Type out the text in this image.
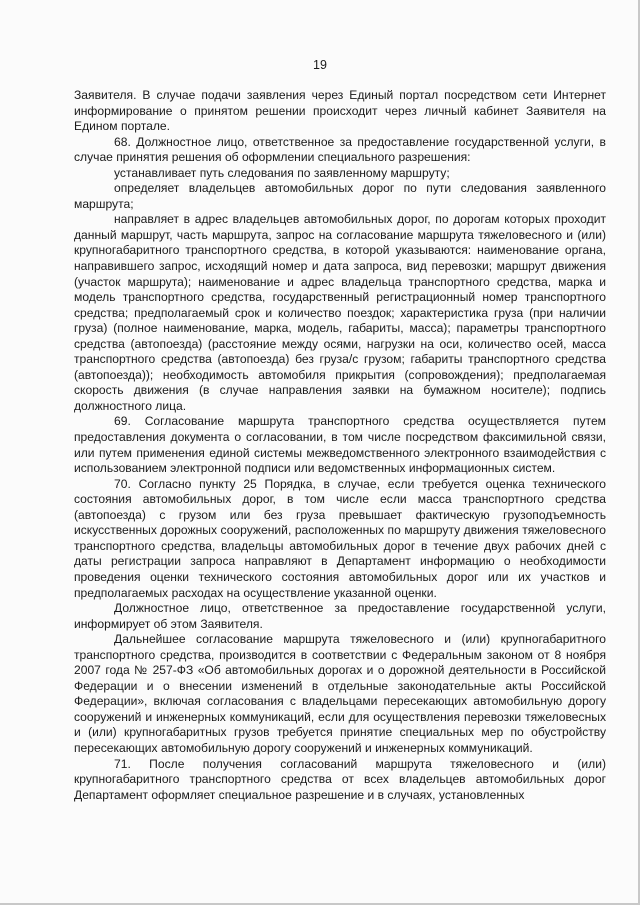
19

Заявителя. В случае подачи заявления через Единый портал посредством сети Интернет информирование о принятом решении происходит через личный кабинет Заявителя на Едином портале.

68. Должностное лицо, ответственное за предоставление государственной услуги, в случае принятия решения об оформлении специального разрешения:

устанавливает путь следования по заявленному маршруту;

определяет владельцев автомобильных дорог по пути следования заявленного маршрута;

направляет в адрес владельцев автомобильных дорог, по дорогам которых проходит данный маршрут, часть маршрута, запрос на согласование маршрута тяжеловесного и (или) крупногабаритного транспортного средства, в которой указываются: наименование органа, направившего запрос, исходящий номер и дата запроса, вид перевозки; маршрут движения (участок маршрута); наименование и адрес владельца транспортного средства, марка и модель транспортного средства, государственный регистрационный номер транспортного средства; предполагаемый срок и количество поездок; характеристика груза (при наличии груза) (полное наименование, марка, модель, габариты, масса); параметры транспортного средства (автопоезда) (расстояние между осями, нагрузки на оси, количество осей, масса транспортного средства (автопоезда) без груза/с грузом; габариты транспортного средства (автопоезда)); необходимость автомобиля прикрытия (сопровождения); предполагаемая скорость движения (в случае направления заявки на бумажном носителе); подпись должностного лица.

69. Согласование маршрута транспортного средства осуществляется путем предоставления документа о согласовании, в том числе посредством факсимильной связи, или путем применения единой системы межведомственного электронного взаимодействия с использованием электронной подписи или ведомственных информационных систем.

70. Согласно пункту 25 Порядка, в случае, если требуется оценка технического состояния автомобильных дорог, в том числе если масса транспортного средства (автопоезда) с грузом или без груза превышает фактическую грузоподъемность искусственных дорожных сооружений, расположенных по маршруту движения тяжеловесного транспортного средства, владельцы автомобильных дорог в течение двух рабочих дней с даты регистрации запроса направляют в Департамент информацию о необходимости проведения оценки технического состояния автомобильных дорог или их участков и предполагаемых расходах на осуществление указанной оценки.

Должностное лицо, ответственное за предоставление государственной услуги, информирует об этом Заявителя.

Дальнейшее согласование маршрута тяжеловесного и (или) крупногабаритного транспортного средства, производится в соответствии с Федеральным законом от 8 ноября 2007 года № 257-ФЗ «Об автомобильных дорогах и о дорожной деятельности в Российской Федерации и о внесении изменений в отдельные законодательные акты Российской Федерации», включая согласования с владельцами пересекающих автомобильную дорогу сооружений и инженерных коммуникаций, если для осуществления перевозки тяжеловесных и (или) крупногабаритных грузов требуется принятие специальных мер по обустройству пересекающих автомобильную дорогу сооружений и инженерных коммуникаций.

71. После получения согласований маршрута тяжеловесного и (или) крупногабаритного транспортного средства от всех владельцев автомобильных дорог Департамент оформляет специальное разрешение и в случаях, установленных
